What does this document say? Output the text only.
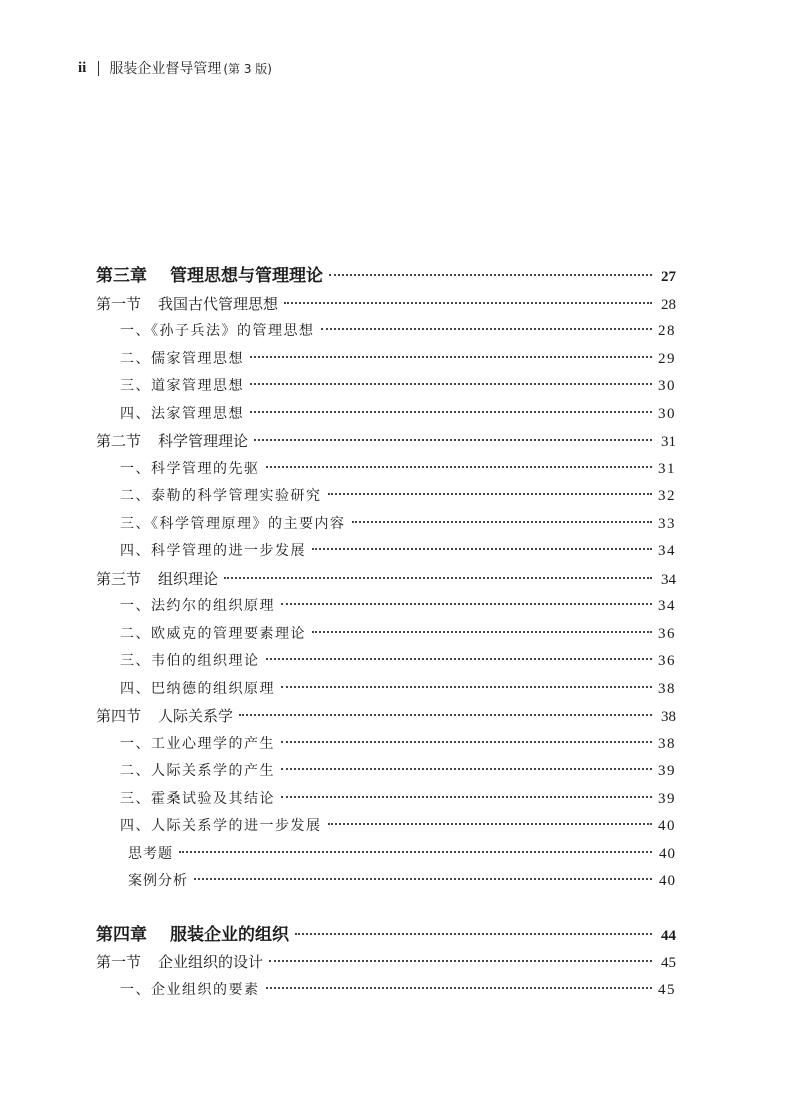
ii 服装企业督导管理 (第 3 版)
第三章	管理思想与管理理论	27
第一节	我国古代管理思想	28
一、《孙子兵法》的管理思想	28
二、儒家管理思想	29
三、道家管理思想	30
四、法家管理思想	30
第二节	科学管理理论	31
一、科学管理的先驱	31
二、泰勒的科学管理实验研究	32
三、《科学管理原理》的主要内容	33
四、科学管理的进一步发展	34
第三节	组织理论	34
一、法约尔的组织原理	34
二、欧威克的管理要素理论	36
三、韦伯的组织理论	36
四、巴纳德的组织原理	38
第四节	人际关系学	38
一、工业心理学的产生	38
二、人际关系学的产生	39
三、霍桑试验及其结论	39
四、人际关系学的进一步发展	40
思考题	40
案例分析	40
第四章	服装企业的组织	44
第一节	企业组织的设计	45
一、企业组织的要素	45
